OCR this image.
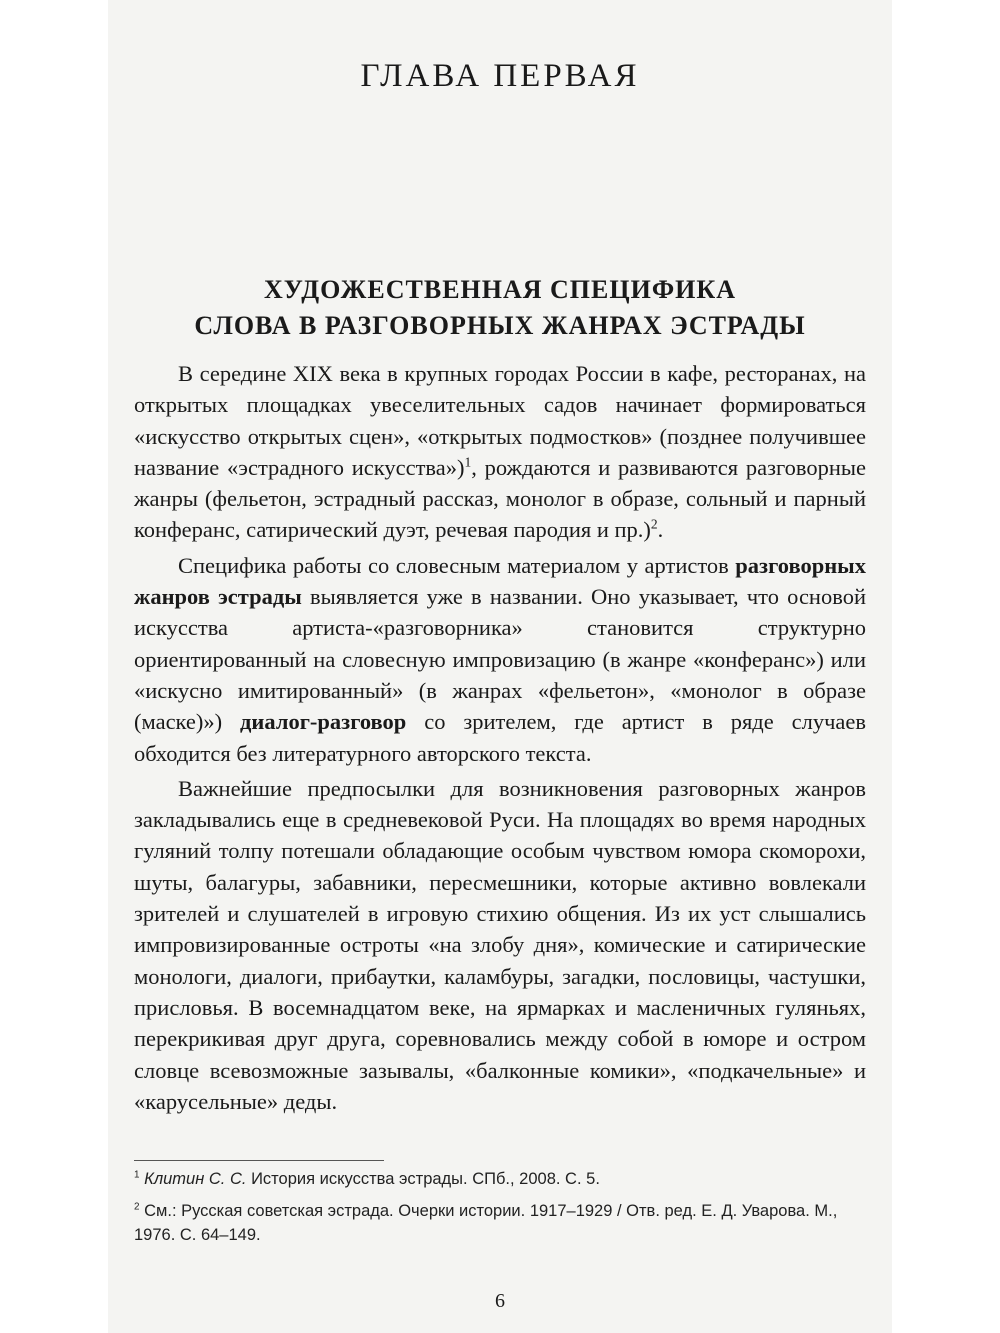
ГЛАВА ПЕРВАЯ
ХУДОЖЕСТВЕННАЯ СПЕЦИФИКА
СЛОВА В РАЗГОВОРНЫХ ЖАНРАХ ЭСТРАДЫ

В середине XIX века в крупных городах России в кафе, ресторанах, на открытых площадках увеселительных садов начинает формироваться «искусство открытых сцен», «открытых подмостков» (позднее получившее название «эстрадного искусства»)$^1$, рождаются и развиваются разговорные жанры (фельетон, эстрадный рассказ, монолог в образе, сольный и парный конферанс, сатирический дуэт, речевая пародия и пр.)$^2$.

Специфика работы со словесным материалом у артистов разговорных жанров эстрады выявляется уже в названии. Оно указывает, что основой искусства артиста-«разговорника» становится структурно ориентированный на словесную импровизацию (в жанре «конферанс») или «искусно имитированный» (в жанрах «фельетон», «монолог в образе (маске)») диалог-разговор со зрителем, где артист в ряде случаев обходится без литературного авторского текста.

Важнейшие предпосылки для возникновения разговорных жанров закладывались еще в средневековой Руси. На площадях во время народных гуляний толпу потешали обладающие особым чувством юмора скоморохи, шуты, балагуры, забавники, пересмешники, которые активно вовлекали зрителей и слушателей в игровую стихию общения. Из их уст слышались импровизированные остроты «на злобу дня», комические и сатирические монологи, диалоги, прибаутки, каламбуры, загадки, пословицы, частушки, присловья. В восемнадцатом веке, на ярмарках и масленичных гуляньях, перекрикивая друг друга, соревновались между собой в юморе и остром словце всевозможные зазывалы, «балконные комики», «подкачельные» и «карусельные» деды.

$^1$ Клитин С. С. История искусства эстрады. СПб., 2008. С. 5.

$^2$ См.: Русская советская эстрада. Очерки истории. 1917–1929 / Отв. ред. Е. Д. Уварова. М., 1976. С. 64–149.

6
